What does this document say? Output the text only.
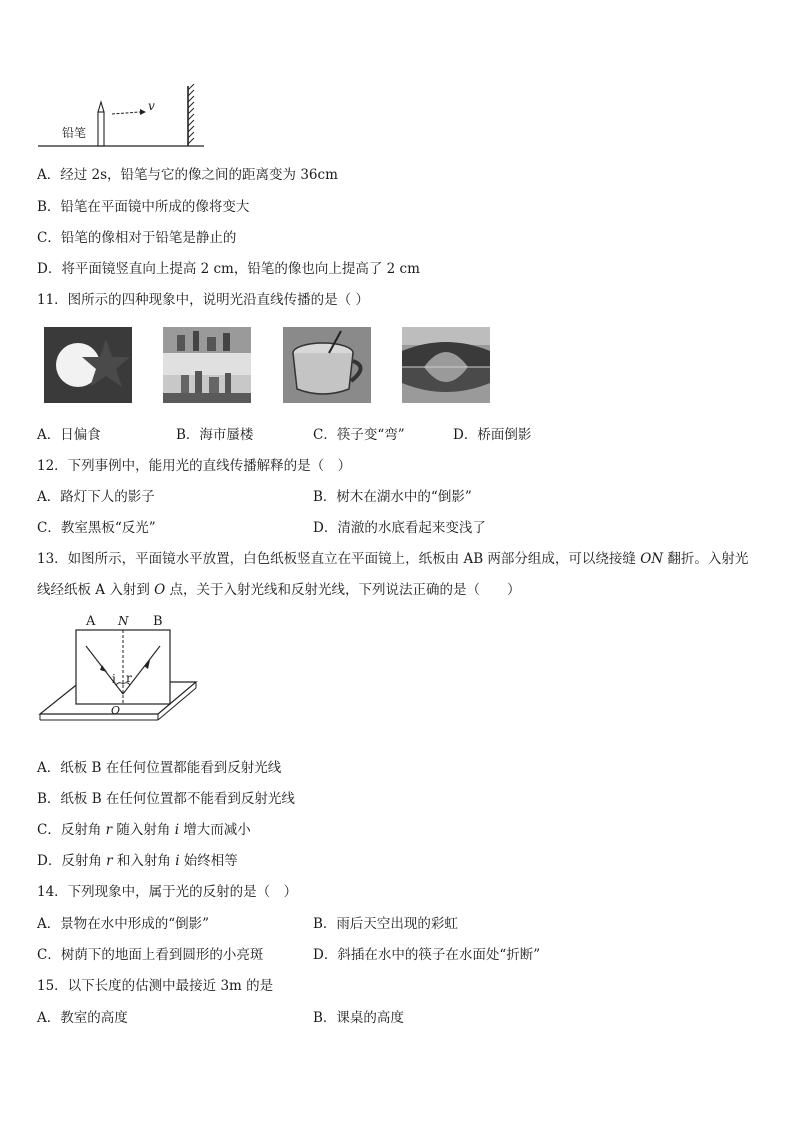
铅笔
v
A．经过 2s，铅笔与它的像之间的距离变为 36cm
B．铅笔在平面镜中所成的像将变大
C．铅笔的像相对于铅笔是静止的
D．将平面镜竖直向上提高 2 cm，铅笔的像也向上提高了 2 cm
11．图所示的四种现象中，说明光沿直线传播的是（ ）
A．日偏食	B．海市蜃楼	C．筷子变“弯”	D．桥面倒影
12．下列事例中，能用光的直线传播解释的是（　）
A．路灯下人的影子	B．树木在湖水中的“倒影”
C．教室黑板“反光”	D．清澈的水底看起来变浅了
13．如图所示，平面镜水平放置，白色纸板竖直立在平面镜上，纸板由 AB 两部分组成，可以绕接缝 ON 翻折。入射光
线经纸板 A 入射到 O 点，关于入射光线和反射光线，下列说法正确的是（　　）
A N B
i r
O
A．纸板 B 在任何位置都能看到反射光线
B．纸板 B 在任何位置都不能看到反射光线
C．反射角 r 随入射角 i 增大而减小
D．反射角 r 和入射角 i 始终相等
14．下列现象中，属于光的反射的是（　）
A．景物在水中形成的“倒影”	B．雨后天空出现的彩虹
C．树荫下的地面上看到圆形的小亮斑	D．斜插在水中的筷子在水面处“折断”
15．以下长度的估测中最接近 3m 的是
A．教室的高度	B．课桌的高度
